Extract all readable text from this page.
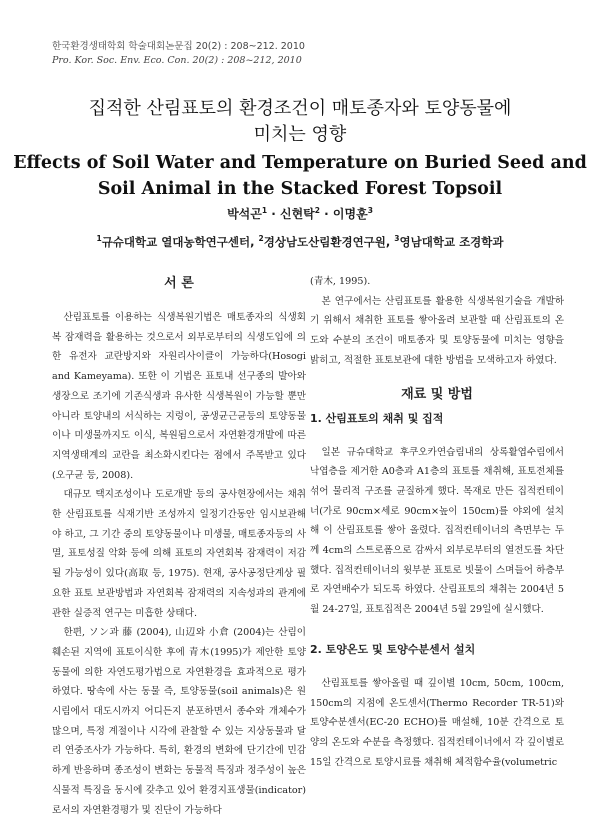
한국환경생태학회 학술대회논문집 20(2) : 208~212. 2010
Pro. Kor. Soc. Env. Eco. Con. 20(2) : 208~212, 2010
집적한 산림표토의 환경조건이 매토종자와 토양동물에
미치는 영향
Effects of Soil Water and Temperature on Buried Seed and
Soil Animal in the Stacked Forest Topsoil
박석곤$^1$ · 신현탁$^2$ · 이명훈$^3$
$^1$규슈대학교 열대농학연구센터, $^2$경상남도산림환경연구원, $^3$영남대학교 조경학과
서 론

산림표토를 이용하는 식생복원기법은 매토종자의 식생회복 잠재력을 활용하는 것으로서 외부로부터의 식생도입에 의한 유전자 교란방지와 자원리사이클이 가능하다(Hosogi and Kameyama). 또한 이 기법은 표토내 선구종의 발아와 생장으로 조기에 기존식생과 유사한 식생복원이 가능할 뿐만 아니라 토양내의 서식하는 지렁이, 공생균근균등의 토양동물이나 미생물까지도 이식, 복원됨으로서 자연환경개발에 따른 지역생태계의 교란을 최소화시킨다는 점에서 주목받고 있다(오구균 등, 2008).

대규모 택지조성이나 도로개발 등의 공사현장에서는 채취한 산림표토를 식재기반 조성까지 일정기간동안 임시보관해야 하고, 그 기간 중의 토양동물이나 미생물, 매토종자등의 사멸, 표토성질 악화 등에 의해 표토의 자연회복 잠재력이 저감될 가능성이 있다(高取 등, 1975). 현재, 공사공정단계상 필요한 표토 보관방법과 자연회복 잠재력의 지속성과의 관계에 관한 실증적 연구는 미흡한 상태다.

한편, ソン과 藤 (2004), 山辺와 小倉 (2004)는 산림이 훼손된 지역에 표토이식한 후에 青木(1995)가 제안한 토양동물에 의한 자연도평가법으로 자연환경을 효과적으로 평가하였다. 땅속에 사는 동물 즉, 토양동물(soil animals)은 원시림에서 대도시까지 어디든지 분포하면서 종수와 개체수가 많으며, 특정 계절이나 시각에 관찰할 수 있는 지상동물과 달리 연중조사가 가능하다. 특히, 환경의 변화에 단기간에 민감하게 반응하며 종조성이 변화는 동물적 특징과 정주성이 높은 식물적 특징을 동시에 갖추고 있어 환경지표생물(indicator)로서의 자연환경평가 및 진단이 가능하다

(青木, 1995).

본 연구에서는 산림표토를 활용한 식생복원기술을 개발하기 위해서 채취한 표토를 쌓아올려 보관할 때 산림표토의 온도와 수분의 조건이 매토종자 및 토양동물에 미치는 영향을 밝히고, 적절한 표토보관에 대한 방법을 모색하고자 하였다.

재료 및 방법
1. 산림표토의 채취 및 집적

일본 규슈대학교 후쿠오카연습림내의 상록활엽수림에서 낙엽층을 제거한 A0층과 A1층의 표토를 채취해, 표토전체를 섞어 물리적 구조를 균질하게 했다. 목재로 만든 집적컨테이너(가로 90cm×세로 90cm×높이 150cm)를 야외에 설치해 이 산림표토를 쌓아 올렸다. 집적컨테이너의 측면부는 두께 4cm의 스트로폼으로 감싸서 외부로부터의 열전도를 차단했다. 집적컨테이너의 윗부분 표토로 빗물이 스며들어 하층부로 자연배수가 되도록 하였다. 산림표토의 채취는 2004년 5월 24-27일, 표토집적은 2004년 5월 29일에 실시했다.

2. 토양온도 및 토양수분센서 설치

산림표토를 쌓아올릴 때 깊이별 10cm, 50cm, 100cm, 150cm의 지점에 온도센서(Thermo Recorder TR-51)와 토양수분센서(EC-20 ECHO)를 매설해, 10분 간격으로 토양의 온도와 수분을 측정했다. 집적컨테이너에서 각 깊이별로 15일 간격으로 토양시료를 채취해 체적함수율(volumetric
